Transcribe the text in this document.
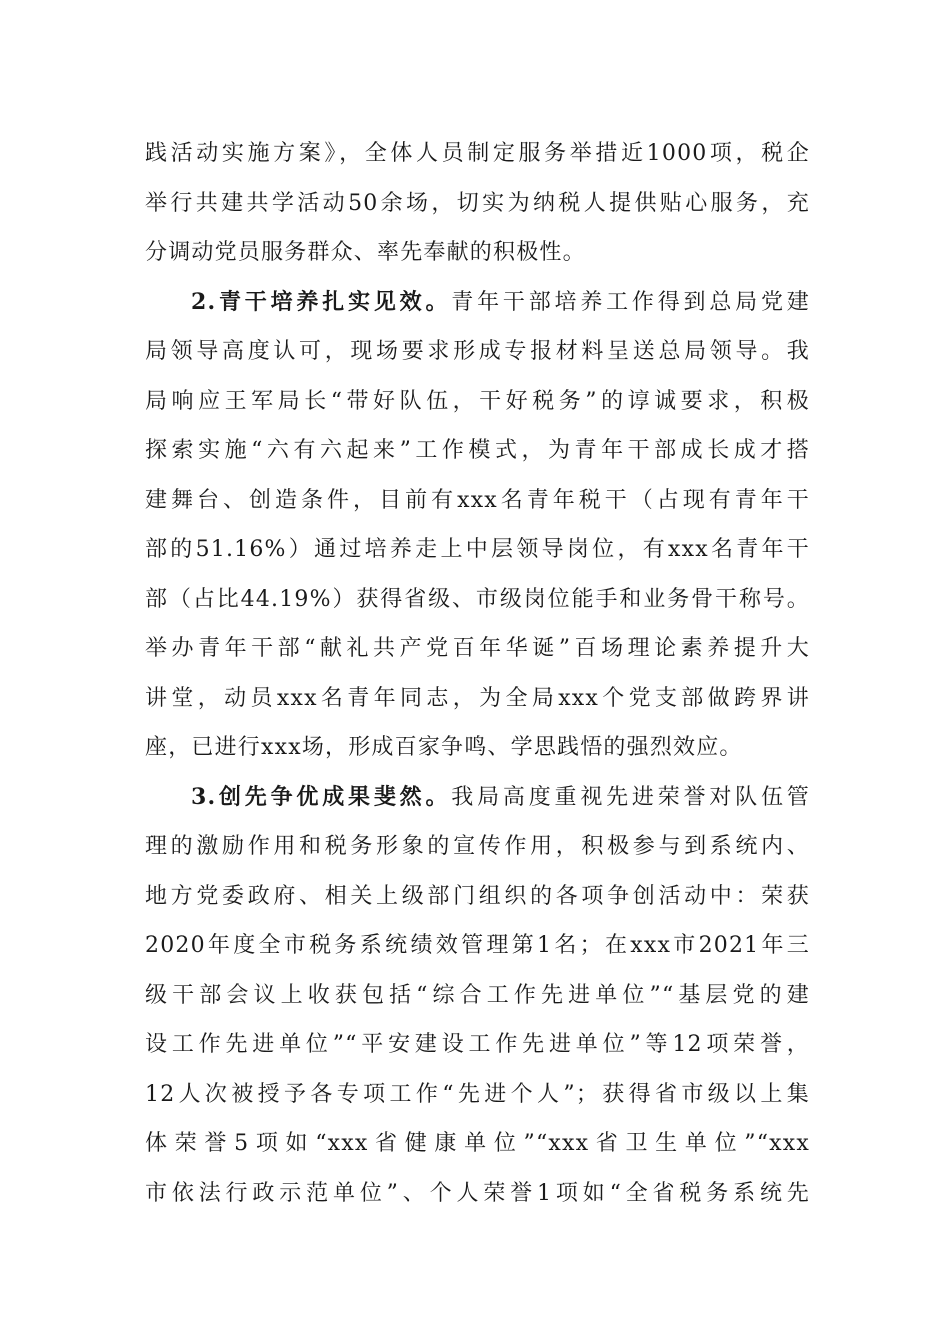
践活动实施方案》，全体人员制定服务举措近1000项，税企
举行共建共学活动50余场，切实为纳税人提供贴心服务，充
分调动党员服务群众、率先奉献的积极性。
2.青干培养扎实见效。青年干部培养工作得到总局党建
局领导高度认可，现场要求形成专报材料呈送总局领导。我
局响应王军局长“带好队伍，干好税务”的谆诚要求，积极
探索实施“六有六起来”工作模式，为青年干部成长成才搭
建舞台、创造条件，目前有xxx名青年税干（占现有青年干
部的51.16%）通过培养走上中层领导岗位，有xxx名青年干
部（占比44.19%）获得省级、市级岗位能手和业务骨干称号。
举办青年干部“献礼共产党百年华诞”百场理论素养提升大
讲堂，动员xxx名青年同志，为全局xxx个党支部做跨界讲
座，已进行xxx场，形成百家争鸣、学思践悟的强烈效应。
3.创先争优成果斐然。我局高度重视先进荣誉对队伍管
理的激励作用和税务形象的宣传作用，积极参与到系统内、
地方党委政府、相关上级部门组织的各项争创活动中：荣获
2020年度全市税务系统绩效管理第1名；在xxx市2021年三
级干部会议上收获包括“综合工作先进单位”“基层党的建
设工作先进单位”“平安建设工作先进单位”等12项荣誉，
12人次被授予各专项工作“先进个人”；获得省市级以上集
体荣誉5项如“xxx省健康单位”“xxx省卫生单位”“xxx
市依法行政示范单位”、个人荣誉1项如“全省税务系统先
